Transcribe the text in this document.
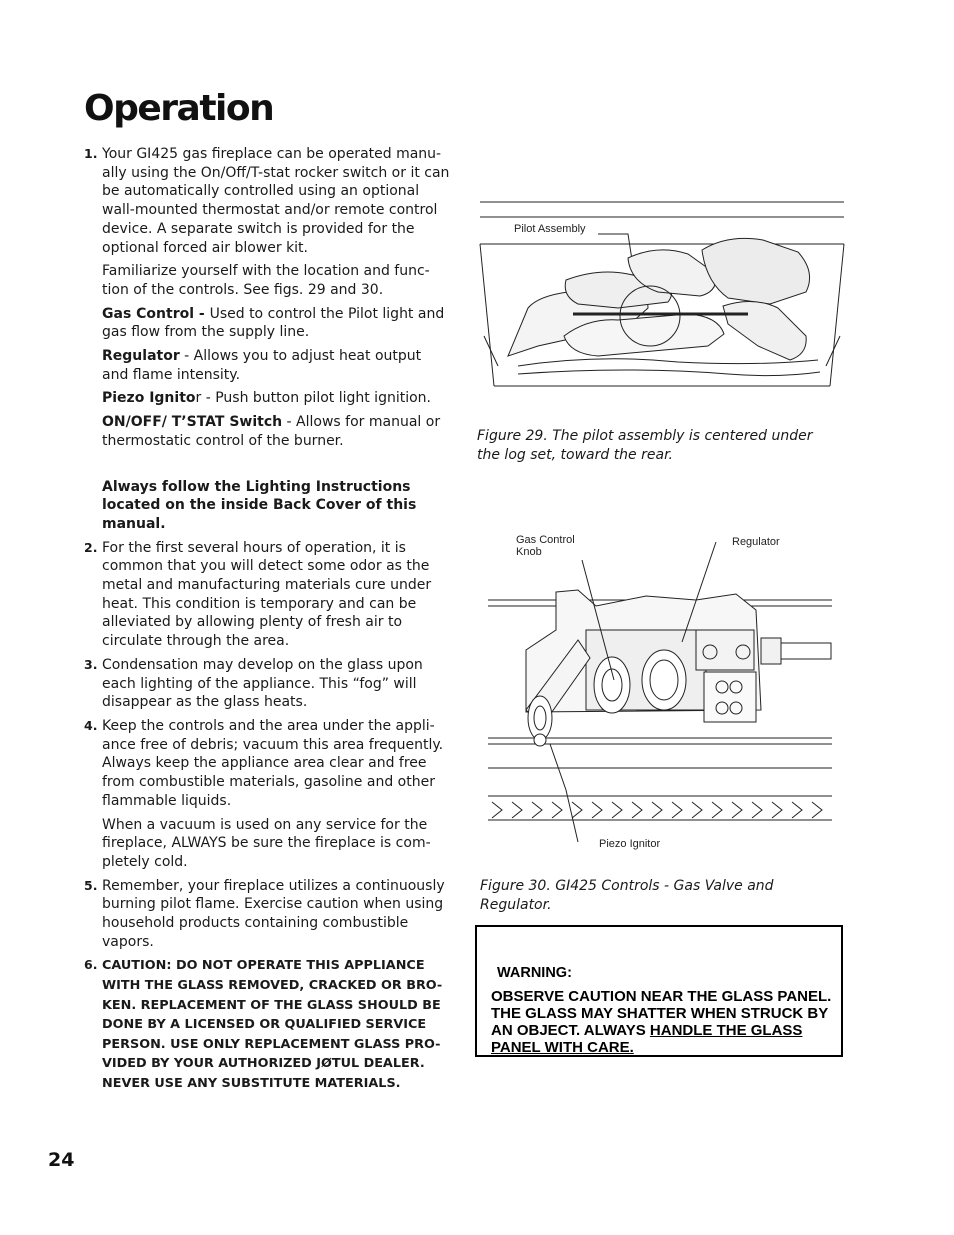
Operation
1. Your GI425 gas fireplace can be operated manu-ally using the On/Off/T-stat rocker switch or it can be automatically controlled using an optional wall-mounted thermostat and/or remote control device. A separate switch is provided for the optional forced air blower kit.
Familiarize yourself with the location and func-tion of the controls. See figs. 29 and 30.
Gas Control - Used to control the Pilot light and gas flow from the supply line.
Regulator - Allows you to adjust heat output and flame intensity.
Piezo Ignitor - Push button pilot light ignition.
ON/OFF/ T’STAT Switch - Allows for manual or thermostatic control of the burner.
Always follow the Lighting Instructions located on the inside Back Cover of this manual.
2. For the first several hours of operation, it is common that you will detect some odor as the metal and manufacturing materials cure under heat. This condition is temporary and can be alleviated by allowing plenty of fresh air to circulate through the area.
3. Condensation may develop on the glass upon each lighting of the appliance. This “fog” will disappear as the glass heats.
4. Keep the controls and the area under the appli-ance free of debris; vacuum this area frequently. Always keep the appliance area clear and free from combustible materials, gasoline and other flammable liquids.
When a vacuum is used on any service for the fireplace, ALWAYS be sure the fireplace is com-pletely cold.
5. Remember, your fireplace utilizes a continuously burning pilot flame. Exercise caution when using household products containing combustible vapors.
6. CAUTION: DO NOT OPERATE THIS APPLIANCE WITH THE GLASS REMOVED, CRACKED OR BRO-KEN. REPLACEMENT OF THE GLASS SHOULD BE DONE BY A LICENSED OR QUALIFIED SERVICE PERSON. USE ONLY REPLACEMENT GLASS PRO-VIDED BY YOUR AUTHORIZED JØTUL DEALER. NEVER USE ANY SUBSTITUTE MATERIALS.
Pilot Assembly
Figure 29. The pilot assembly is centered under the log set, toward the rear.
Gas Control
Knob
Regulator
Piezo Ignitor
Figure 30. GI425 Controls - Gas Valve and Regulator.
WARNING:
OBSERVE CAUTION NEAR THE GLASS PANEL. THE GLASS MAY SHATTER WHEN STRUCK BY AN OBJECT. ALWAYS HANDLE THE GLASS PANEL WITH CARE.
24
